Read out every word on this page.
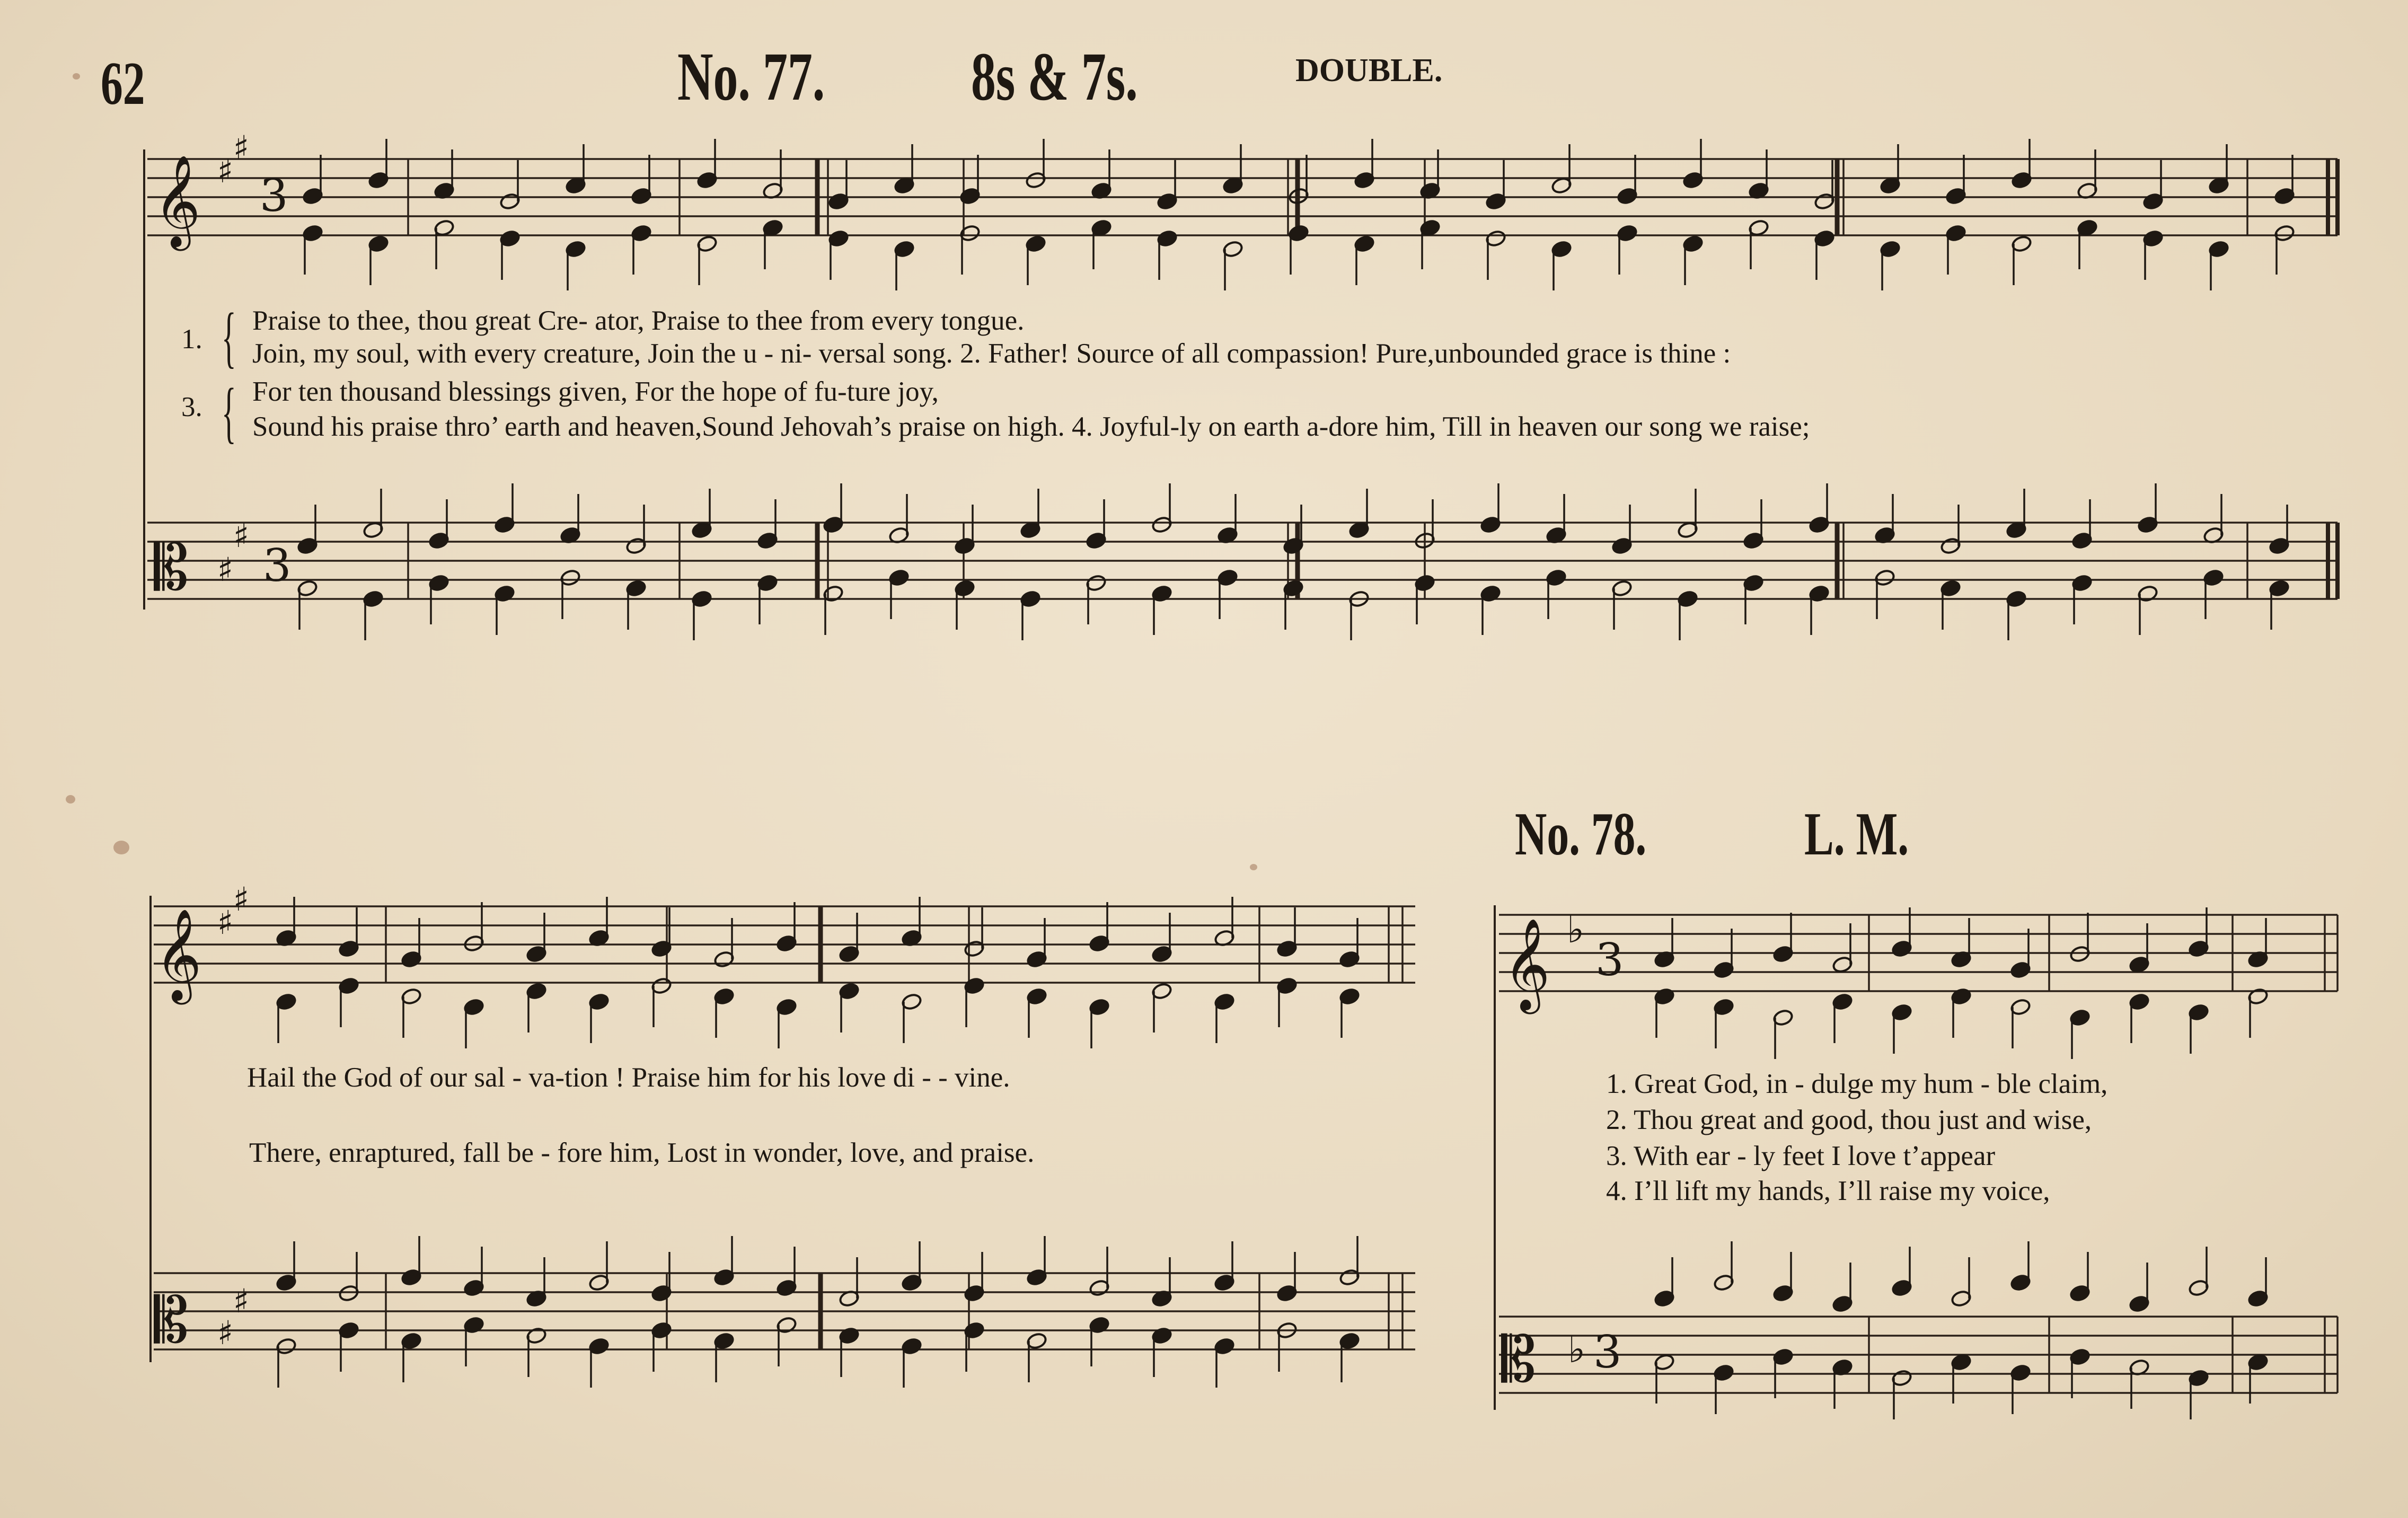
62	No. 77. 8s & 7s.	DOUBLE.
𝄞
♯
♯ 3
𝄡 ♯
♯ 3
𝄞
♯
♯
𝄡 ♯
♯
𝄞 ♭
3
𝄡 ♭ 3
1.
3.
{
{
Praise to thee, thou great Cre- ator, Praise to thee from every tongue.
Join, my soul, with every creature, Join the u - ni- versal song. 2. Father! Source of all compassion! Pure,unbounded grace is thine :
For ten thousand blessings given, For the hope of fu-ture joy,
Sound his praise thro’ earth and heaven,Sound Jehovah’s praise on high. 4. Joyful-ly on earth a-dore him, Till in heaven our song we raise;
Hail the God of our sal - va-tion ! Praise him for his love di - - vine.
There, enraptured, fall be - fore him, Lost in wonder, love, and praise.
No. 78.	L. M.
1. Great God, in - dulge my hum - ble claim,
2. Thou great and good, thou just and wise,
3. With ear - ly feet I love t’appear
4. I’ll lift my hands, I’ll raise my voice,
